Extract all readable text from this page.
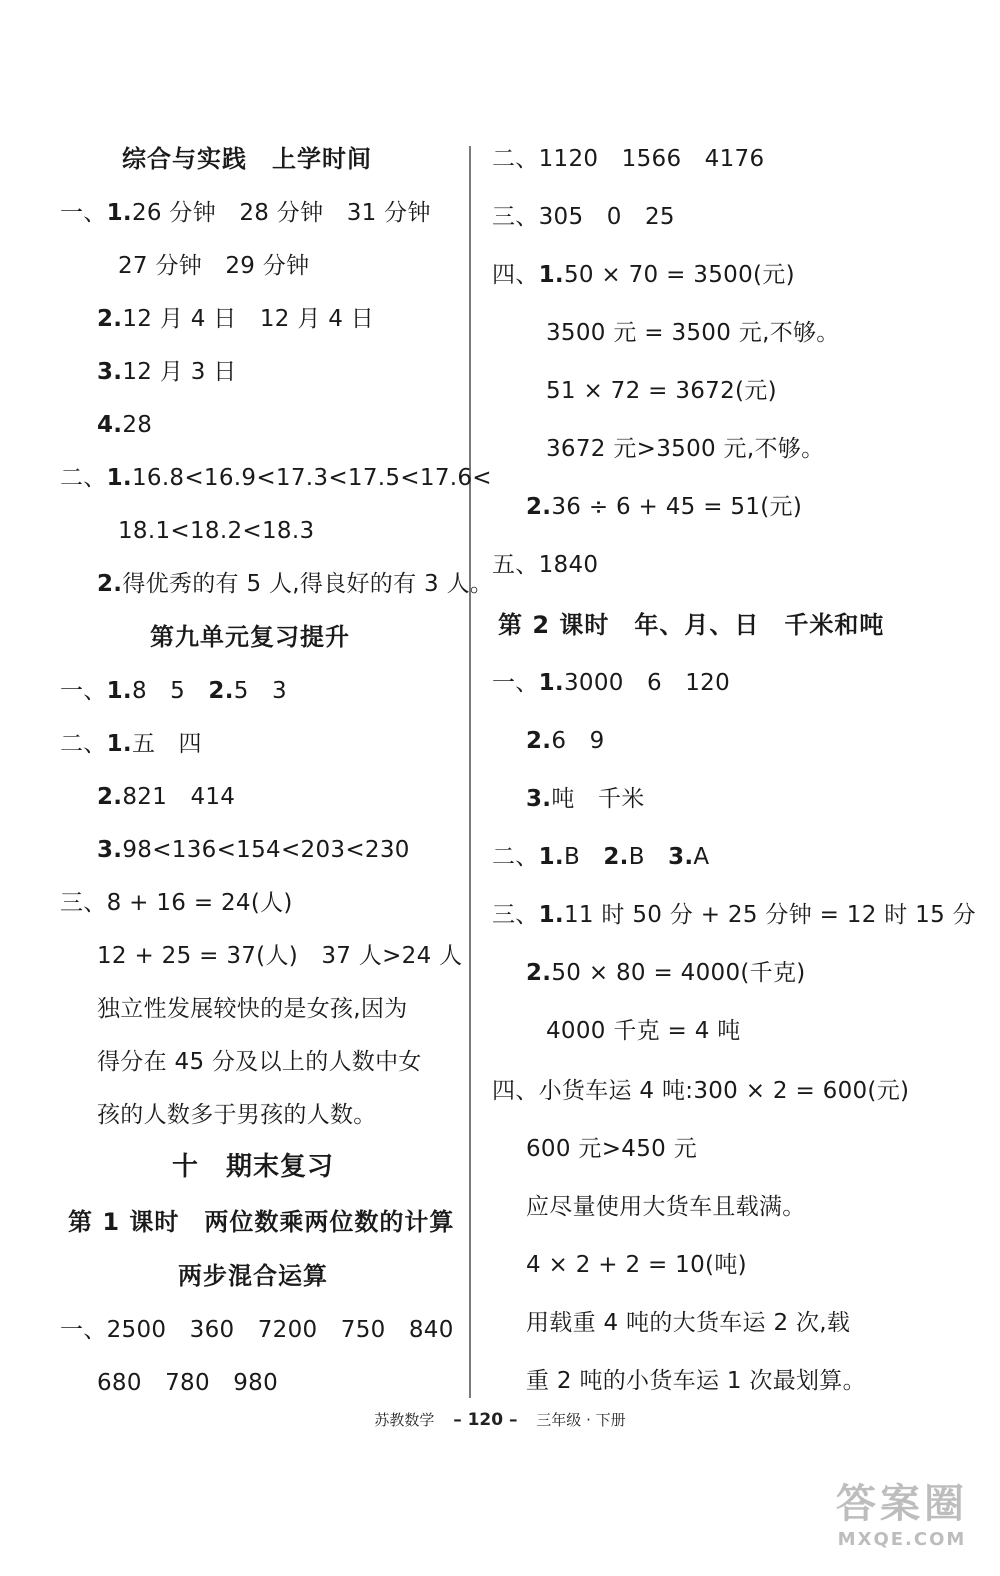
综合与实践　上学时间
一、1.26 分钟　28 分钟　31 分钟
27 分钟　29 分钟
2.12 月 4 日　12 月 4 日
3.12 月 3 日
4.28
二、1.16.8<16.9<17.3<17.5<17.6<
18.1<18.2<18.3
2.得优秀的有 5 人,得良好的有 3 人。
第九单元复习提升
一、1.8　5　2.5　3
二、1.五　四
2.821　414
3.98<136<154<203<230
三、8 + 16 = 24(人)
12 + 25 = 37(人)　37 人>24 人
独立性发展较快的是女孩,因为
得分在 45 分及以上的人数中女
孩的人数多于男孩的人数。
十　期末复习
第 1 课时　两位数乘两位数的计算
两步混合运算
一、2500　360　7200　750　840
680　780　980
二、1120　1566　4176
三、305　0　25
四、1.50 × 70 = 3500(元)
3500 元 = 3500 元,不够。
51 × 72 = 3672(元)
3672 元>3500 元,不够。
2.36 ÷ 6 + 45 = 51(元)
五、1840
第 2 课时　年、月、日　千米和吨
一、1.3000　6　120
2.6　9
3.吨　千米
二、1.B　2.B　3.A
三、1.11 时 50 分 + 25 分钟 = 12 时 15 分
2.50 × 80 = 4000(千克)
4000 千克 = 4 吨
四、小货车运 4 吨:300 × 2 = 600(元)
600 元>450 元
应尽量使用大货车且载满。
4 × 2 + 2 = 10(吨)
用载重 4 吨的大货车运 2 次,载
重 2 吨的小货车运 1 次最划算。
苏教数学 – 120 – 三年级 · 下册
答案圈
MXQE.COM
